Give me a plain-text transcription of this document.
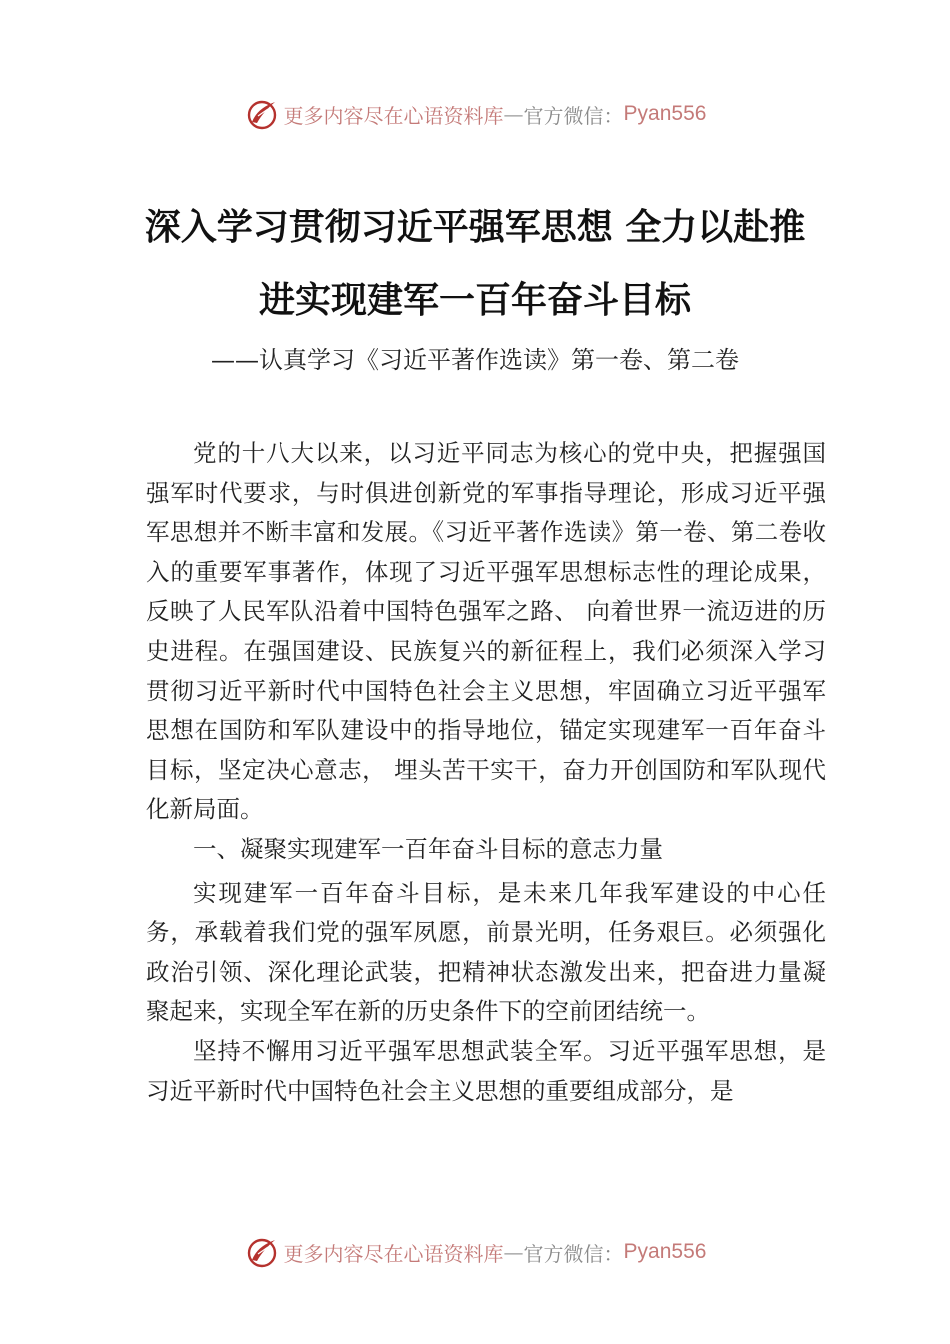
更多内容尽在心语资料库 — 官方微信： Pyan556
深入学习贯彻习近平强军思想 全力以赴推
进实现建军一百年奋斗目标
——认真学习《习近平著作选读》第一卷、第二卷

党的十八大以来，以习近平同志为核心的党中央，把握强国强军时代要求，与时俱进创新党的军事指导理论，形成习近平强军思想并不断丰富和发展。《习近平著作选读》第一卷、第二卷收入的重要军事著作，体现了习近平强军思想标志性的理论成果，反映了人民军队沿着中国特色强军之路、 向着世界一流迈进的历史进程。在强国建设、民族复兴的新征程上，我们必须深入学习贯彻习近平新时代中国特色社会主义思想，牢固确立习近平强军思想在国防和军队建设中的指导地位，锚定实现建军一百年奋斗目标，坚定决心意志， 埋头苦干实干，奋力开创国防和军队现代化新局面。

一、凝聚实现建军一百年奋斗目标的意志力量

实现建军一百年奋斗目标，是未来几年我军建设的中心任务，承载着我们党的强军夙愿，前景光明，任务艰巨。必须强化政治引领、深化理论武装，把精神状态激发出来，把奋进力量凝聚起来，实现全军在新的历史条件下的空前团结统一。

坚持不懈用习近平强军思想武装全军。习近平强军思想，是习近平新时代中国特色社会主义思想的重要组成部分，是

更多内容尽在心语资料库 — 官方微信： Pyan556
